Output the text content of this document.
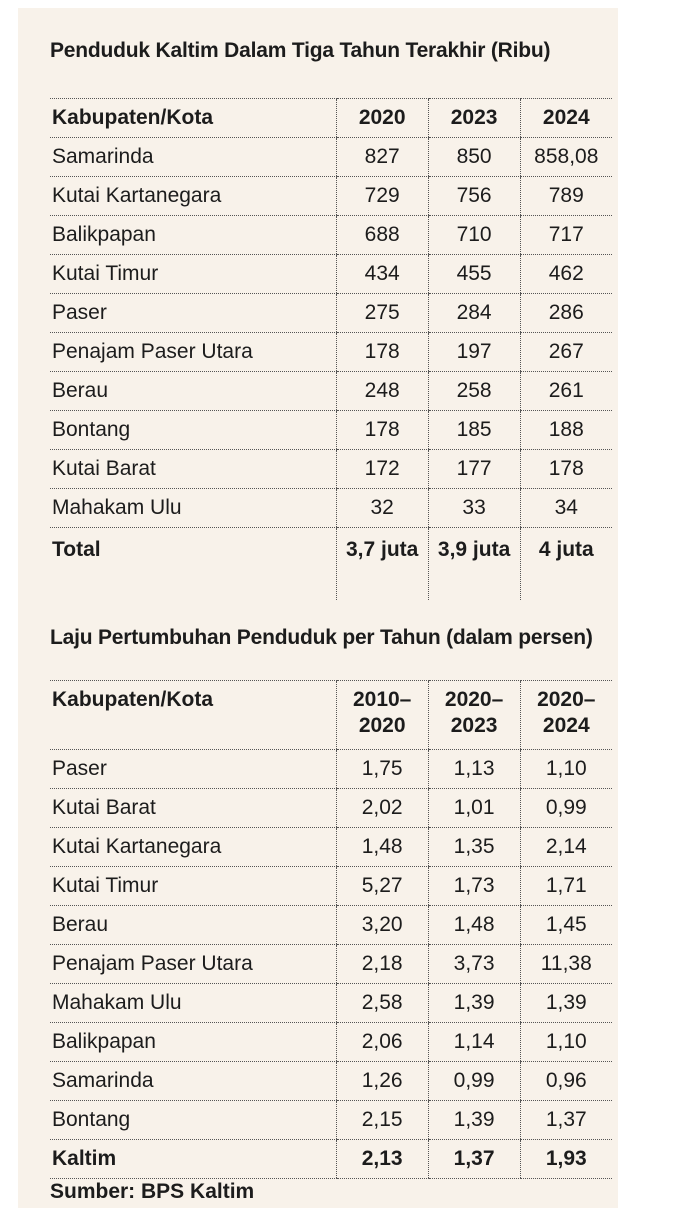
Penduduk Kaltim Dalam Tiga Tahun Terakhir (Ribu)
Kabupaten/Kota	2020	2023	2024
Samarinda	827	850	858,08
Kutai Kartanegara	729	756	789
Balikpapan	688	710	717
Kutai Timur	434	455	462
Paser	275	284	286
Penajam Paser Utara	178	197	267
Berau	248	258	261
Bontang	178	185	188
Kutai Barat	172	177	178
Mahakam Ulu	32	33	34
Total	3,7 juta	3,9 juta	4 juta
Laju Pertumbuhan Penduduk per Tahun (dalam persen)
Kabupaten/Kota	2010–2020	2020–2023	2020–2024
Paser	1,75	1,13	1,10
Kutai Barat	2,02	1,01	0,99
Kutai Kartanegara	1,48	1,35	2,14
Kutai Timur	5,27	1,73	1,71
Berau	3,20	1,48	1,45
Penajam Paser Utara	2,18	3,73	11,38
Mahakam Ulu	2,58	1,39	1,39
Balikpapan	2,06	1,14	1,10
Samarinda	1,26	0,99	0,96
Bontang	2,15	1,39	1,37
Kaltim	2,13	1,37	1,93
Sumber: BPS Kaltim
